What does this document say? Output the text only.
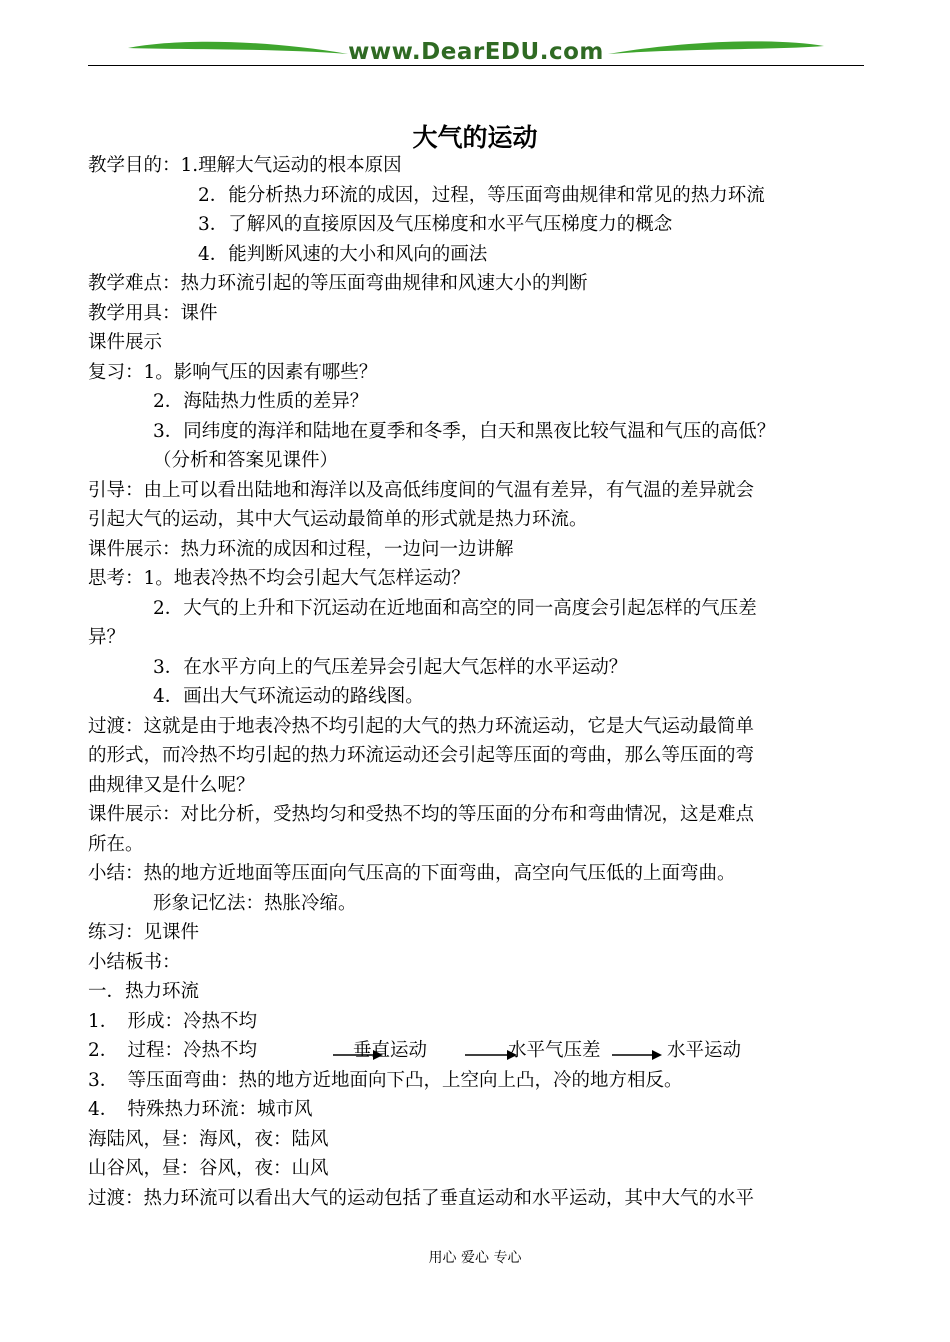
www.DearEDU.com
大气的运动
教学目的：1.理解大气运动的根本原因
2．能分析热力环流的成因，过程，等压面弯曲规律和常见的热力环流
3．了解风的直接原因及气压梯度和水平气压梯度力的概念
4．能判断风速的大小和风向的画法
教学难点：热力环流引起的等压面弯曲规律和风速大小的判断
教学用具：课件
课件展示
复习：1。影响气压的因素有哪些？
2．海陆热力性质的差异？
3．同纬度的海洋和陆地在夏季和冬季，白天和黑夜比较气温和气压的高低？
（分析和答案见课件）
引导：由上可以看出陆地和海洋以及高低纬度间的气温有差异，有气温的差异就会
引起大气的运动，其中大气运动最简单的形式就是热力环流。
课件展示：热力环流的成因和过程，一边问一边讲解
思考：1。地表冷热不均会引起大气怎样运动？
2．大气的上升和下沉运动在近地面和高空的同一高度会引起怎样的气压差
异？
3．在水平方向上的气压差异会引起大气怎样的水平运动？
4．画出大气环流运动的路线图。
过渡：这就是由于地表冷热不均引起的大气的热力环流运动，它是大气运动最简单
的形式，而冷热不均引起的热力环流运动还会引起等压面的弯曲，那么等压面的弯
曲规律又是什么呢？
课件展示：对比分析，受热均匀和受热不均的等压面的分布和弯曲情况，这是难点
所在。
小结：热的地方近地面等压面向气压高的下面弯曲，高空向气压低的上面弯曲。
形象记忆法：热胀冷缩。
练习：见课件
小结板书：
一．热力环流
1．　形成：冷热不均
2．　过程：冷热不均	垂直运动	水平气压差	水平运动
3．　等压面弯曲：热的地方近地面向下凸，上空向上凸，冷的地方相反。
4．　特殊热力环流：城市风
海陆风，昼：海风，夜：陆风
山谷风，昼：谷风，夜：山风
过渡：热力环流可以看出大气的运动包括了垂直运动和水平运动，其中大气的水平
用心 爱心 专心
